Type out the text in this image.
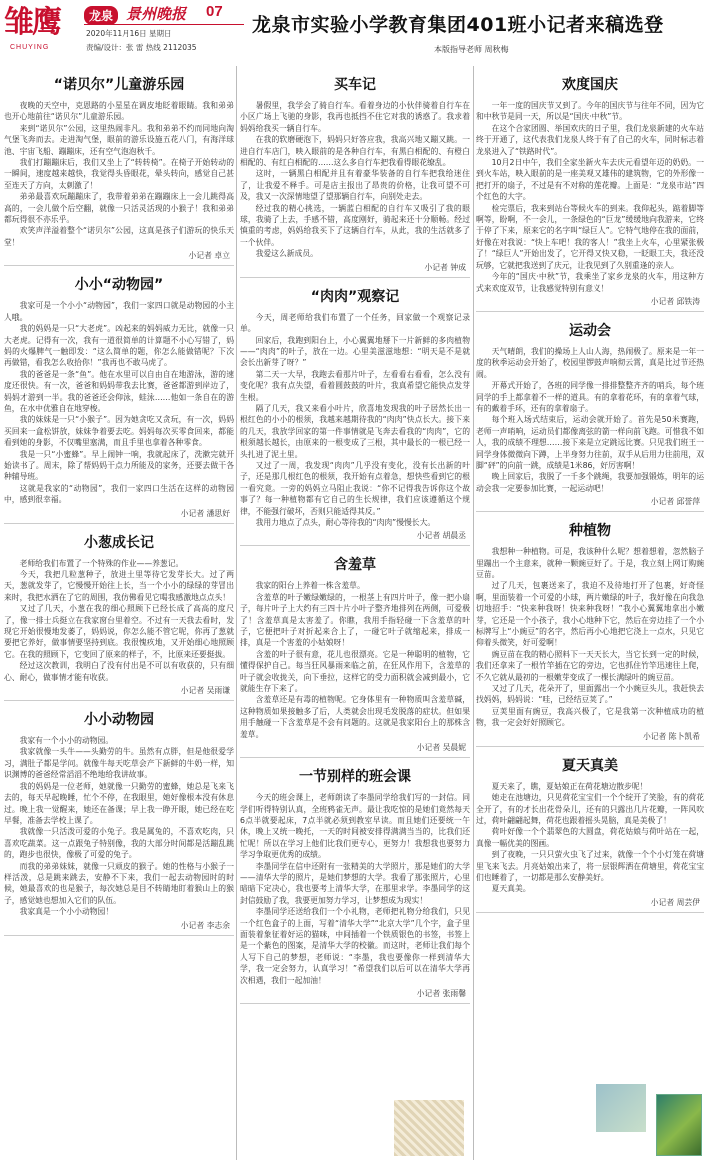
雏鹰
CHUYING
龙泉 景州晚报 07
2020年11月16日 星期日
责编/设计：张 雷 热线 2112035
龙泉市实验小学教育集团401班小记者来稿选登
本版指导老师 周秋梅
“诺贝尔”儿童游乐园

夜晚的天空中，克恩路的小星星在调皮地眨着眼睛。我和弟弟也开心地前往“诺贝尔”儿童游乐园。

来到“诺贝尔”公园，这里热闹非凡。我和弟弟不约而同地向淘气堡飞奔而去。走进淘气堡，眼前的游乐设施五花八门，有海洋球池、宇宙飞船、蹦蹦床，还有空气泡泡秋千。

我们打蹦蹦床后，我们又坐上了“转转椅”。在椅子开始转动的一瞬间，速度越来越快，我觉得头昏眼花，晕头转向，感觉自己甚至连天了方向，太刺激了！

弟弟最喜欢玩蹦蹦床了，我带着弟弟在蹦蹦床上一会儿跳得高高的，一会儿做个后空翻，就像一只活灵活现的小猴子！我和弟弟都玩得很不亦乐乎。

欢笑声洋溢着整个“诺贝尔”公园，这真是孩子们游玩的快乐天堂！

小记者 卓立
小小“动物园”

我家可是一个小小“动物园”，我们一家四口就是动物园的小主人哦。

我的妈妈是一只“大老虎”。凶起来的妈妈威力无比，就像一只大老虎。记得有一次，我有一道很简单的计算题不小心写错了，妈妈的火爆脾气一触即发：“这么简单的题，你怎么能做错呢？下次再做错，看我怎么收拾你！”我再也不敢马虎了。

我的爸爸是一条“鱼”。他在水里可以自由自在地游泳，游的速度还很快。有一次，爸爸和妈妈带我去比赛，爸爸都游到岸边了，妈妈才游到一半。我的爸爸还会仰泳，蛙泳……他如一条自在的游鱼，在水中优雅自在地穿梭。

我的妹妹是一只“小猴子”。因为她贪吃又贪玩，有一次，妈妈买回来一盒松饼放，妹妹争着要去吃。妈妈每次买零食回来，都能看到她的身影，不仅嘴里塞满，而且手里也拿着各种零食。

我是一只“小蜜蜂”。早上闹钟一响，我就起床了，洗漱完就开始读书了。周末，除了帮妈妈干点力所能及的家务，还要去做干各种辅导班。

这就是我家的“动物园”，我们一家四口生活在这样的动物园中，感到很幸福。

小记者 潘思好
小葱成长记

老师给我们布置了一个特殊的作业——养葱记。

今天，我把几粒葱种子，放进土里等待它发芽长大。过了两天，葱就发芽了，它慢慢开始往上长，当一个小小的绿绿的芽冒出来时，我把水洒在了它的周围，我仿佛看见它喝我感激地点点头！

又过了几天，小葱在我的细心照顾下已经长成了高高的度尺了，像一排士兵挺立在我家窗台里着空。不过有一天我去看时，发现它开始很慢地发萎了，妈妈说，你怎么能不管它呢，你再了葱就要把它养好，做事情要坚持到底。我很愧疚地，又开始细心地照顾它。在我的照顾下，它变回了原来的样子，不，比原来还要挺拔。

经过这次教训，我明白了没有付出是不可以有收获的，只有细心、耐心，做事情才能有收获。

小记者 吴雨谦
小小动物园

我家有一个小小的动物园。

我家就像一头牛——头勤劳的牛。虽然有点胖，但是他很爱学习，满肚子都是学问。就像牛每天吃草会产下新鲜的牛奶一样，知识渊博的爸爸经常滔滔不绝地给我讲故事。

我的妈妈是一位老师，她就像一只勤劳的蜜蜂，她总是飞来飞去的，每天早起晚睡，忙个不停，在我眼里，她好像根本没有休息过。晚上我一觉醒来，她还在备课；早上我一睁开眼，她已经在吃早餐，准备去学校上课了。

我就像一只活泼可爱的小兔子。我是属兔的，不喜欢吃肉，只喜欢吃蔬菜。这一点跟兔子特别像，我的大部分时间都是活蹦乱跳的，跑步也很快，像极了可爱的兔子。

而我的弟弟妹妹，就像一只顽皮的猴子。她的性格与小猴子一样活泼，总是跳来跳去，安静不下来，我们一起去动物园时的时候，她最喜欢的也是猴子，每次她总是目不转睛地盯着猴山上的猴子，感觉她也想加入它们的队伍。

我家真是一个小小动物园！

小记者 李志余
买车记

暑假里，我学会了骑自行车。看着身边的小伙伴骑着自行车在小区广场上飞驰的身影，我再也抵挡不住它对我的诱惑了。我求着妈妈给我买一辆自行车。

在我的软磨硬泡下，妈妈只好答应我，我高兴地又蹦又跳。一进自行车店门，映入眼前的是各种自行车，有黑白相配的、有橙白相配的、有红白相配的……这么多自行车把我看得眼花缭乱。

这时，一辆黑白相配并且有着豪华装备的自行车把我给迷住了，让我爱不释手。可是店主报出了昂贵的价格，让我可望不可及，我又一次深情地望了望那辆自行车，向别处走去。

经过我的精心挑选，一辆蓝白相配的自行车又吸引了我的眼球，我骑了上去，手感不错，高度刚好，骑起来还十分顺畅。经过慎重的考虑，妈妈给我买下了这辆自行车，从此，我的生活就多了一个伙伴。

我爱这么新成员。

小记者 钟成
“肉肉”观察记

今天，周老师给我们布置了一个任务，回家做一个观察记录单。

回家后，我跑到阳台上，小心翼翼地掰下一片新鲜的多肉植物——“肉肉”的叶子，放在一边。心里美滋滋地想：“明天是不是就会长出新芽了呀？”

第二天一大早，我跑去看那片叶子，左看看右看看，怎么没有变化呢？我有点失望，看着圆鼓鼓的叶片，我真希望它能快点发芽生根。

隔了几天，我又来看小叶片，欣喜地发现我的叶子居然长出一根红色的小小的根须，我越来越期待我的“肉肉”快点长大。接下来的几天，我放学回家的第一件事情就是飞奔去看我的“肉肉”，它的根须越长越长，由原来的一根变成了三根，其中最长的一根已经一头扎进了泥土里。

又过了一周，我发现“肉肉”几乎没有变化，没有长出新的叶子，还是那几根红色的根须，我开始有点着急，想快些看到它的根一看究竟。一旁的妈妈立马阻止我说：“你不记得我告诉你这个故事了？每一种植物都有它自己的生长规律，我们应该遵循这个规律，不能强行破坏，否则只能适得其反。”

我用力地点了点头，耐心等待我的“肉肉”慢慢长大。

小记者 胡晨丞
含羞草

我家的阳台上养着一株含羞草。

含羞草的叶子嫩绿嫩绿的，一根茎上有四片叶子，像一把小扇子，每片叶子上大约有三四十片小叶子整齐地排列在两侧，可爱极了！含羞草真是太害羞了。你瞧，我用手指轻碰一下含羞草的叶子，它便把叶子对折起来合上了，一碰它叶子就缩起来，排成一排，真是一个害羞的小姑娘呀！

含羞的叶子很有意，花儿也很漂亮。它是一种聪明的植物，它懂得保护自己。每当狂风暴雨来临之前，在狂风作用下，含羞草的叶子就会收拢关，向下垂拉，这样它的受力面积就会减到最小，它就能生存下来了。

含羞草还是有毒的植物呢。它身体里有一种物质叫含羞草碱，这种物质如果接触多了后，人类就会出现毛发脱落的症状。但如果用手触碰一下含羞草是不会有问题的。这就是我家阳台上的那株含羞草。

小记者 吴晨妮
一节别样的班会课

今天的班会课上，老师朗读了李墨同学给我们写的一封信。同学们听得特别认真，全班鸦雀无声。最让我吃惊的是她们竟然每天6点半就要起床，7点半就必须到教室早读。而且她们还要统一午休，晚上又统一晚托，一天的时间被安排得满满当当的，比我们还忙呢！所以在学习上他们比我们更专心，更努力！我想我也要努力学习争取更优秀的成绩。

李墨同学在信中还附有一张精美的大学照片，那是她们的大学——清华大学的照片，是她们梦想的大学。我看了那张照片，心里暗暗下定决心，我也要考上清华大学，在那里求学。李墨同学的这封信鼓励了我，我要更加努力学习，让梦想成为现实！

李墨同学还送给我们一个小礼物，老师把礼物分给我们，只见一个红色盒子的上面，写着“清华大学”“北京大学”几个字，盒子里面装着象征着好运的猫咪，中间插着一个铁质银色的书签，书签上是一个紫色的图案，是清华大学的校徽。而这时，老师让我们每个人写下自己的梦想，老师说：“李墨，我也要像你一样到清华大学，我一定会努力，认真学习！”希望我们以后可以在清华大学再次相遇，我们一起加油！

小记者 张雨馨
欢度国庆

一年一度的国庆节又到了。今年的国庆节与往年不同，因为它和中秋节是同一天，所以是“国庆·中秋”节。

在这个合家团圆、举国欢庆的日子里，我们龙泉新建的火车站终于开通了，这代表我们龙泉人终于有了自己的火车，同时标志着龙泉进入了“铁路时代”。

10月2日中午，我们全家坐新火车去庆元看望年迈的奶奶。一到火车站，映入眼前的是一座美观又雄伟的建筑物，它的外形像一把打开的扇子，不过是有不对称的莲花瓣。上面是：“龙泉市站”四个红色的大字。

检完票后，我来到站台等候火车的到来。我仰起头，踮着脚等啊等，盼啊，不一会儿，一条绿色的“巨龙”缓缓地向我游来，它终于停了下来，原来它的名字叫“绿巨人”。它特气地停在我的面前，好像在对我说：“快上车吧！我的客人！”我坐上火车，心里紧张极了！“绿巨人”开始出发了，它开得又快又稳，一眨眼工夫，我还没玩够，它就把我送到了庆元，让我见到了久别重逢的亲人。

今年的“国庆·中秋”节，我乘坐了家乡龙泉的火车，用这种方式来欢度双节，让我感觉特别有意义！

小记者 邱铁涛
运动会

天气晴朗，我们的操场上人山人海，热闹极了。原来是一年一度的秋季运动会开始了，校园里锣鼓声响彻云霄，真是比过节还热闹。

开幕式开始了，各班的同学像一排排整整齐齐的哨兵，每个班同学的手上都拿着不一样的道具。有的拿着花环，有的拿着气球，有的戴着手环，还有的拿着扇子。

每个班入场式结束后，运动会就开始了。首先是50米赛跑，老师一声哨响，运动员们都像离弦的箭一样向前飞跑。可惜我不如人，我的成绩不理想……接下来是立定跳远比赛。只见我们班王一同学身体微微向下蹲，上半身努力往前，双手从后用力往前甩，双脚“砰”的向前一跳，成绩是1米86，好厉害啊！

晚上回家后，我脱了一千多个跳绳，我要加强锻炼，明年的运动会我一定要参加比赛，一起运动吧！

小记者 邱誉萍
种植物

我想种一种植物。可是，我该种什么呢？想着想着，忽然脑子里蹦出一个主意来，就种一颗豌豆好了。于是，我立刻上网订购豌豆苗。

过了几天，包裹送来了，我迫不及待地打开了包裹，好奇怪啊，里面装着一个可爱的小球，两片嫩绿的叶子，我好像在向我急切地招手：“快来种我呀！快来种我呀！”我小心翼翼地拿出小嫩芽，它还是一个小孩子，我小心地种下它，然后在旁边挂了一个小标牌写上“小豌豆”的名字，然后再小心地把它浇上一点水，只见它仰着头微笑，好可爱啊！

豌豆苗在我的精心照料下一天天长大，当它长到一定的时候，我们还拿来了一根竹竿插在它的旁边，它也抓住竹竿迅速往上爬，不久它就从最初的一根嫩芽变成了一棵长满绿叶的豌豆苗。

又过了几天，花朵开了，里面露出一个小豌豆头儿，我赶快去找妈妈，妈妈说：“哇，已经结豆荚了。”

豆荚里面有豌豆，我高兴极了，它是我第一次种植成功的植物，我一定会好好照顾它。

小记者 陈卜凯希
夏天真美

夏天来了，瞧，夏姑娘正在荷花塘边散步呢！

她走在池塘边，只见荷花宝宝们一个个绽开了笑脸，有的荷花全开了，有的才长出花骨朵儿，还有的只露出几片花瓣，一阵风吹过，荷叶翩翩起舞，荷花也跟着摇头晃脑，真是美极了！

荷叶好像一个个翡翠色的大圆盘，荷花姑娘与荷叶站在一起，真像一幅优美的图画。

到了夜晚，一只只萤火虫飞了过来，就像一个个小灯笼在荷塘里飞来飞去。月亮姑娘出来了，将一层银辉洒在荷塘里，荷花宝宝们也睡着了，一切都是那么安静美好。

夏天真美。

小记者 周芸伊
